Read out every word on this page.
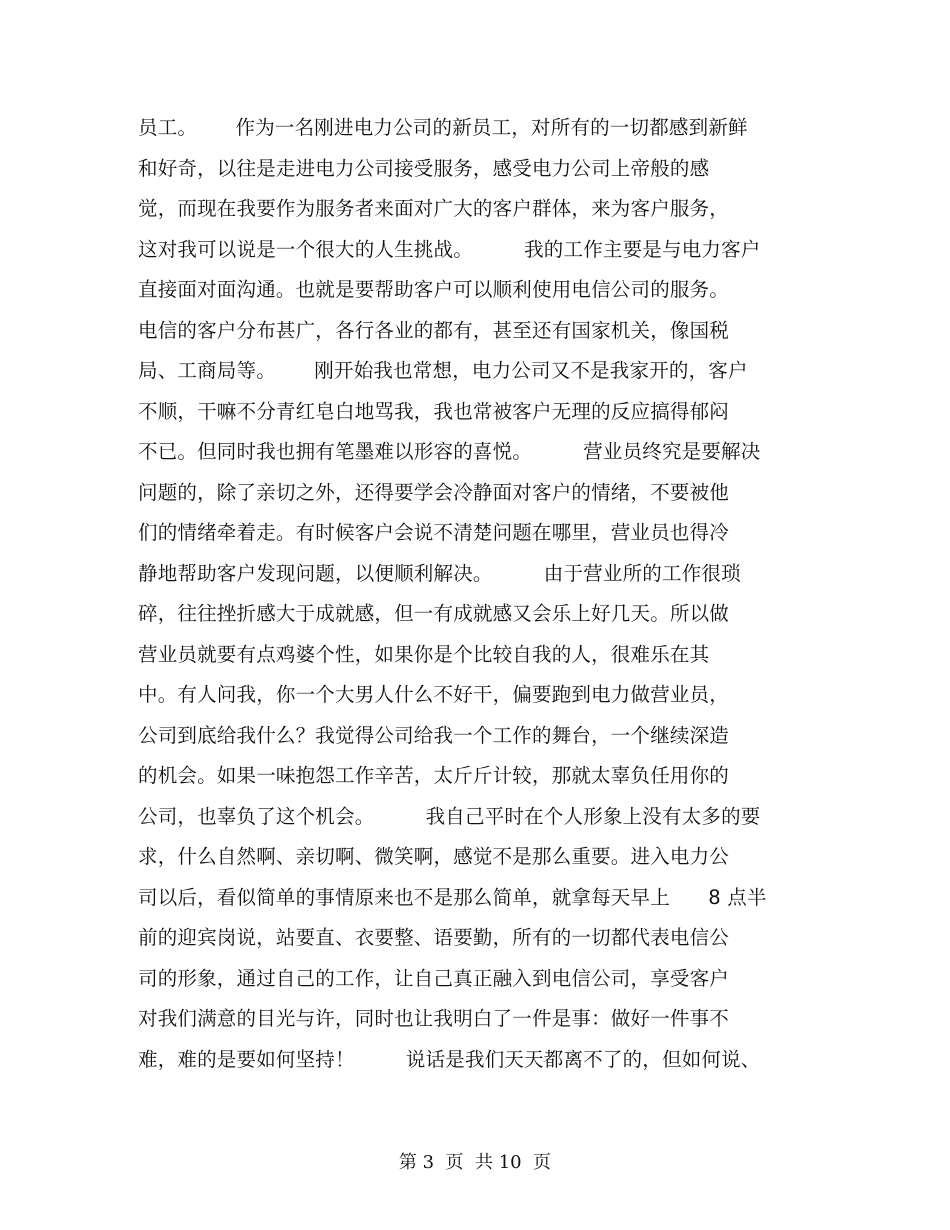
员工。      作为一名刚进电力公司的新员工，对所有的一切都感到新鲜
和好奇，以往是走进电力公司接受服务，感受电力公司上帝般的感
觉，而现在我要作为服务者来面对广大的客户群体，来为客户服务，
这对我可以说是一个很大的人生挑战。        我的工作主要是与电力客户
直接面对面沟通。也就是要帮助客户可以顺利使用电信公司的服务。
电信的客户分布甚广，各行各业的都有，甚至还有国家机关，像国税
局、工商局等。      刚开始我也常想，电力公司又不是我家开的，客户
不顺，干嘛不分青红皂白地骂我，我也常被客户无理的反应搞得郁闷
不已。但同时我也拥有笔墨难以形容的喜悦。        营业员终究是要解决
问题的，除了亲切之外，还得要学会冷静面对客户的情绪，不要被他
们的情绪牵着走。有时候客户会说不清楚问题在哪里，营业员也得冷
静地帮助客户发现问题，以便顺利解决。        由于营业所的工作很琐
碎，往往挫折感大于成就感，但一有成就感又会乐上好几天。所以做
营业员就要有点鸡婆个性，如果你是个比较自我的人，很难乐在其
中。有人问我，你一个大男人什么不好干，偏要跑到电力做营业员，
公司到底给我什么？我觉得公司给我一个工作的舞台，一个继续深造
的机会。如果一味抱怨工作辛苦，太斤斤计较，那就太辜负任用你的
公司，也辜负了这个机会。        我自己平时在个人形象上没有太多的要
求，什么自然啊、亲切啊、微笑啊，感觉不是那么重要。进入电力公
司以后，看似简单的事情原来也不是那么简单，就拿每天早上      8 点半
前的迎宾岗说，站要直、衣要整、语要勤，所有的一切都代表电信公
司的形象，通过自己的工作，让自己真正融入到电信公司，享受客户
对我们满意的目光与许，同时也让我明白了一件是事：做好一件事不
难，难的是要如何坚持！        说话是我们天天都离不了的，但如何说、
第 3  页  共 10  页
